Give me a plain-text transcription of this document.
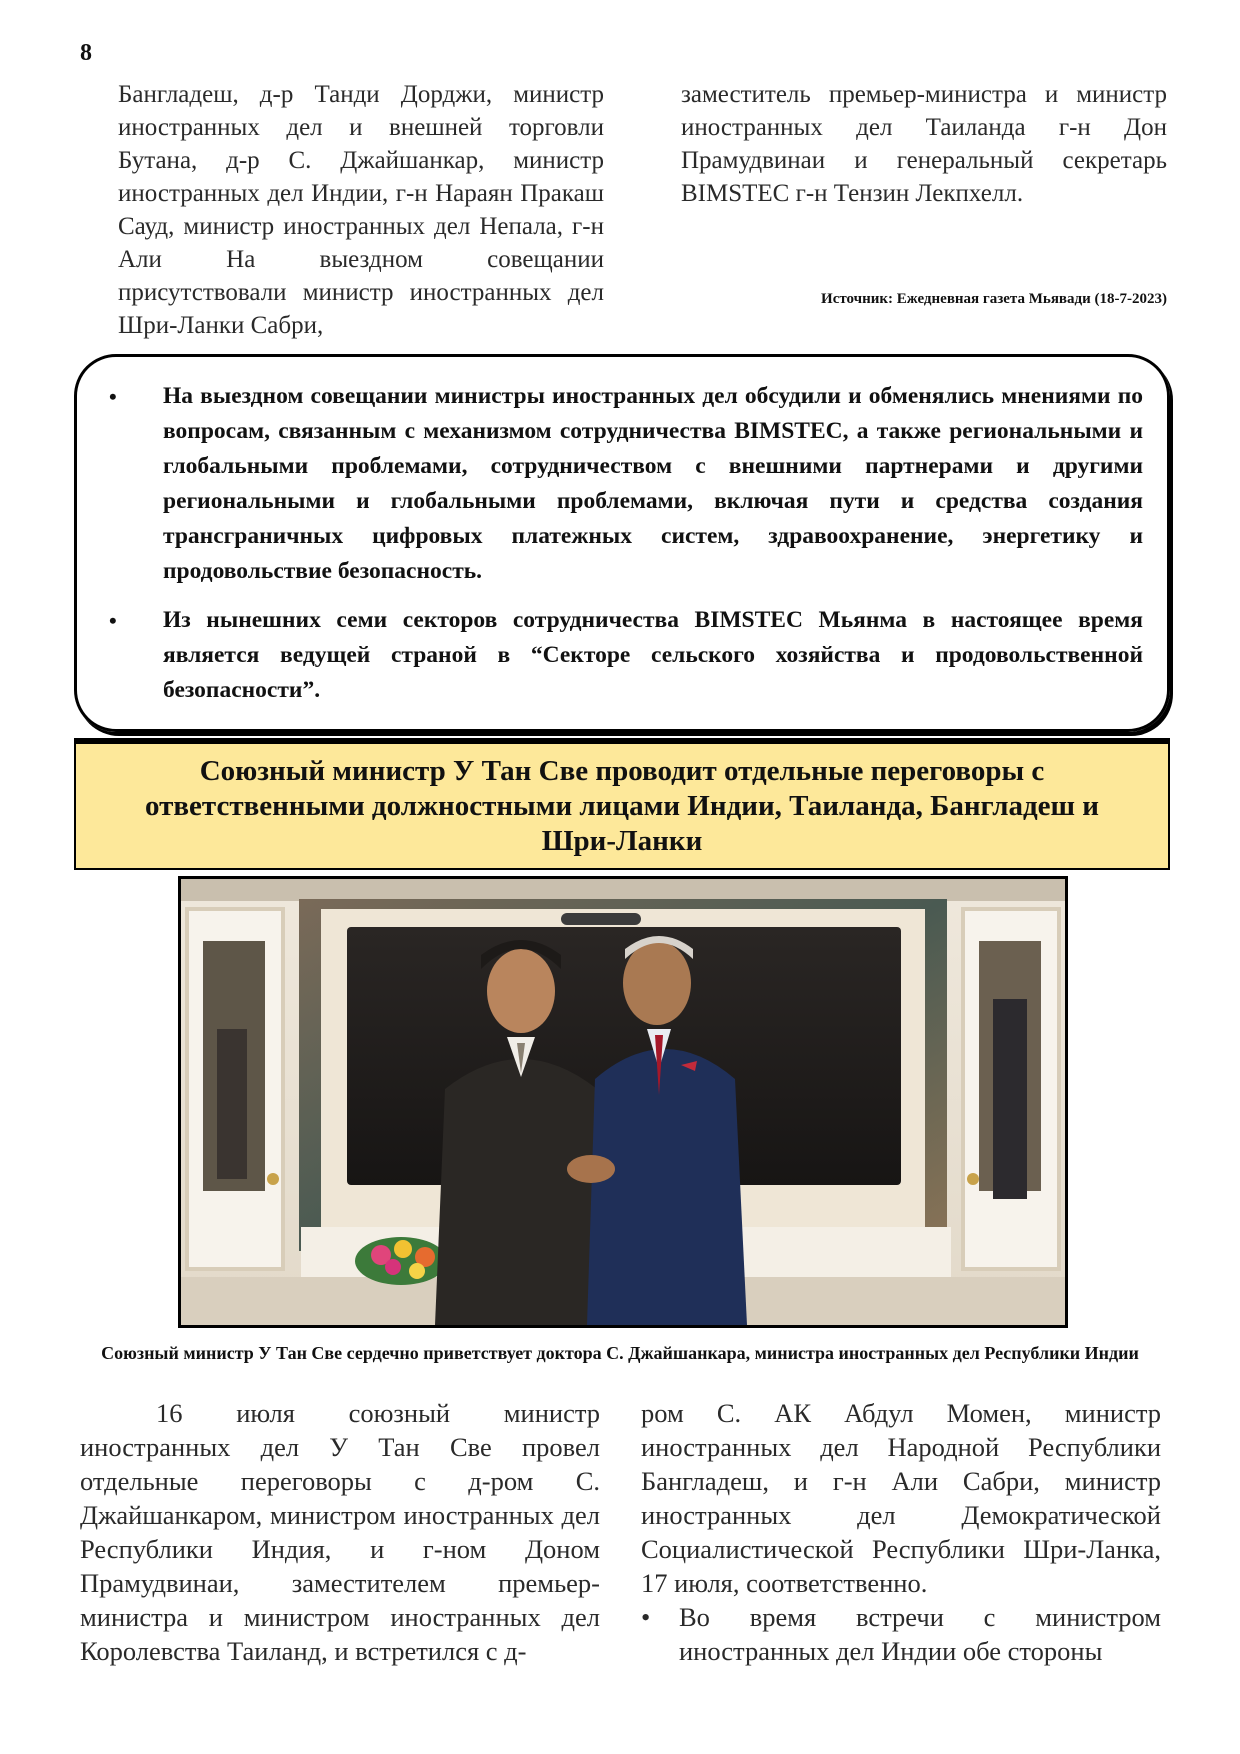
8

Бангладеш, д-р Танди Дорджи, министр иностранных дел и внешней торговли Бутана, д-р С. Джайшанкар, министр иностранных дел Индии, г-н Нараян Пракаш Сауд, министр иностранных дел Непала, г-н Али На выездном совещании присутствовали министр иностранных дел Шри-Ланки Сабри,

заместитель премьер-министра и министр иностранных дел Таиланда г-н Дон Прамудвинаи и генеральный секретарь BIMSTEC г-н Тензин Лекпхелл.

Источник: Ежедневная газета Мьявади (18-7-2023)
• На выездном совещании министры иностранных дел обсудили и обменялись мнениями по вопросам, связанным с механизмом сотрудничества BIMSTEC, а также региональными и глобальными проблемами, сотрудничеством с внешними партнерами и другими региональными и глобальными проблемами, включая пути и средства создания трансграничных цифровых платежных систем, здравоохранение, энергетику и продовольствие безопасность.
• Из нынешних семи секторов сотрудничества BIMSTEC Мьянма в настоящее время является ведущей страной в “Секторе сельского хозяйства и продовольственной безопасности”.
Союзный министр У Тан Све проводит отдельные переговоры с ответственными должностными лицами Индии, Таиланда, Бангладеш и Шри-Ланки
Союзный министр У Тан Све сердечно приветствует доктора С. Джайшанкара, министра иностранных дел Республики Индии

16 июля союзный министр иностранных дел У Тан Све провел отдельные переговоры с д-ром С. Джайшанкаром, министром иностранных дел Республики Индия, и г-ном Доном Прамудвинаи, заместителем премьер-министра и министром иностранных дел Королевства Таиланд, и встретился с д-

ром С. АК Абдул Момен, министр иностранных дел Народной Республики Бангладеш, и г-н Али Сабри, министр иностранных дел Демократической Социалистической Республики Шри-Ланка, 17 июля, соответственно.

• Во время встречи с министром иностранных дел Индии обе стороны
